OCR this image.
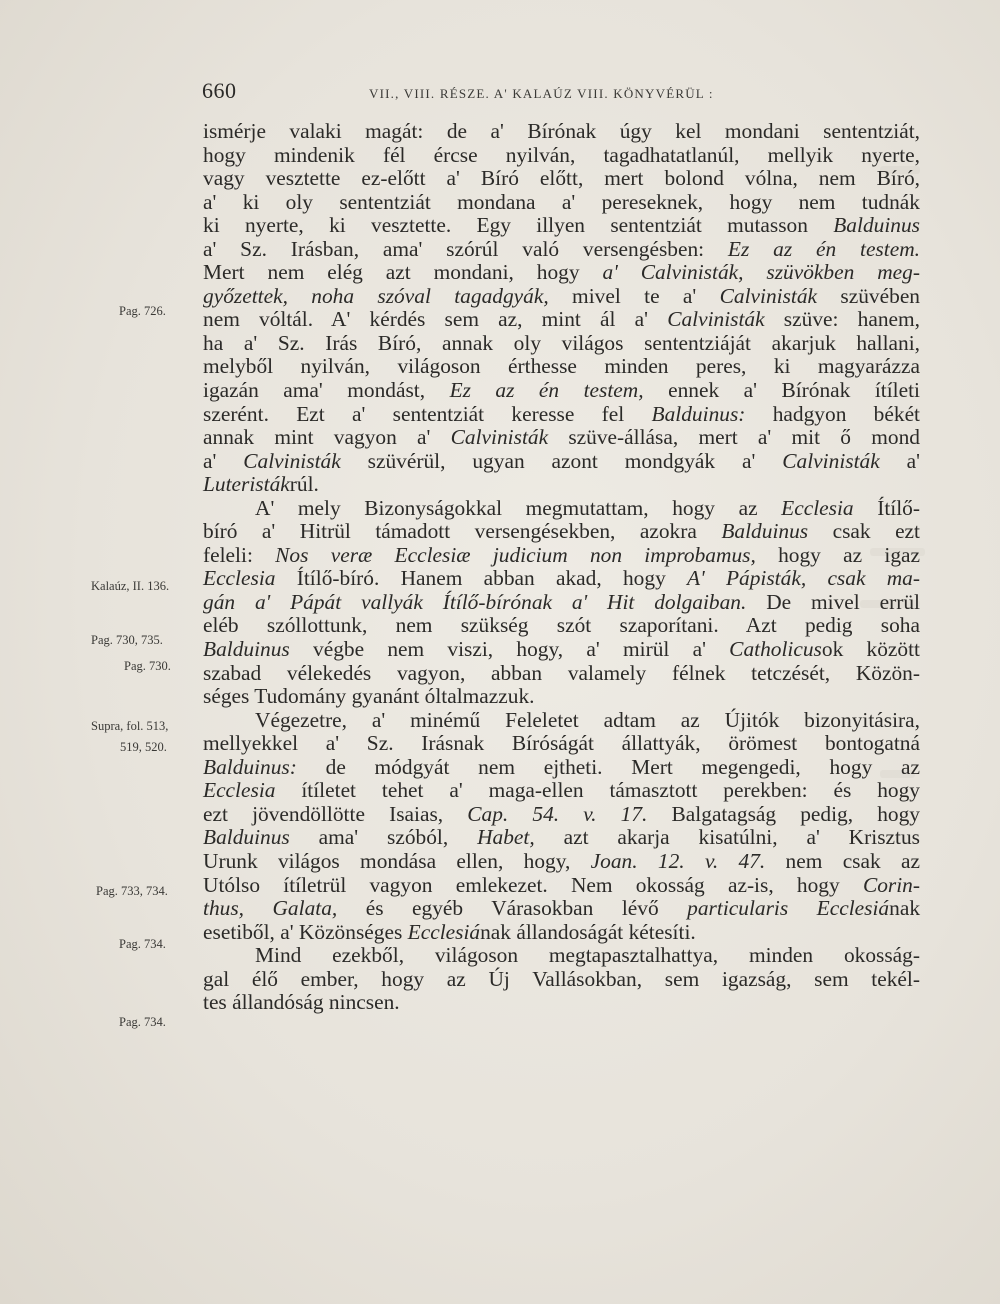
660	VII., VIII. RÉSZE. A' KALAÚZ VIII. KÖNYVÉRÜL :
Pag. 726.
Kalaúz, II. 136.
Pag. 730, 735.
Pag. 730.
Supra, fol. 513,
519, 520.
Pag. 733, 734.
Pag. 734.
Pag. 734.
ismérje valaki magát: de a' Bírónak úgy kel mondani sententziát,
hogy mindenik fél ércse nyilván, tagadhatatlanúl, mellyik nyerte,
vagy vesztette ez-előtt a' Bíró előtt, mert bolond vólna, nem Bíró,
a' ki oly sententziát mondana a' pereseknek, hogy nem tudnák
ki nyerte, ki vesztette. Egy illyen sententziát mutasson Balduinus
a' Sz. Irásban, ama' szórúl való versengésben: Ez az én testem.
Mert nem elég azt mondani, hogy a' Calvinisták, szüvökben meg-
győzettek, noha szóval tagadgyák, mivel te a' Calvinisták szüvében
nem vóltál. A' kérdés sem az, mint ál a' Calvinisták szüve: hanem,
ha a' Sz. Irás Bíró, annak oly világos sententziáját akarjuk hallani,
melyből nyilván, világoson érthesse minden peres, ki magyarázza
igazán ama' mondást, Ez az én testem, ennek a' Bírónak ítíleti
szerént. Ezt a' sententziát keresse fel Balduinus: hadgyon békét
annak mint vagyon a' Calvinisták szüve-állása, mert a' mit ő mond
a' Calvinisták szüvérül, ugyan azont mondgyák a' Calvinisták a'
Luteristákrúl.
A' mely Bizonyságokkal megmutattam, hogy az Ecclesia Ítílő-
bíró a' Hitrül támadott versengésekben, azokra Balduinus csak ezt
feleli: Nos veræ Ecclesiæ judicium non improbamus, hogy az igaz
Ecclesia Ítílő-bíró. Hanem abban akad, hogy A' Pápisták, csak ma-
gán a' Pápát vallyák Ítílő-bírónak a' Hit dolgaiban. De mivel errül
eléb szóllottunk, nem szükség szót szaporítani. Azt pedig soha
Balduinus végbe nem viszi, hogy, a' mirül a' Catholicusok között
szabad vélekedés vagyon, abban valamely félnek tetczését, Közön-
séges Tudomány gyanánt óltalmazzuk.
Végezetre, a' minémű Feleletet adtam az Újitók bizonyitásira,
mellyekkel a' Sz. Irásnak Bíróságát állattyák, örömest bontogatná
Balduinus: de módgyát nem ejtheti. Mert megengedi, hogy az
Ecclesia ítíletet tehet a' maga-ellen támasztott perekben: és hogy
ezt jövendöllötte Isaias, Cap. 54. v. 17. Balgatagság pedig, hogy
Balduinus ama' szóból, Habet, azt akarja kisatúlni, a' Krisztus
Urunk világos mondása ellen, hogy, Joan. 12. v. 47. nem csak az
Utólso ítíletrül vagyon emlekezet. Nem okosság az-is, hogy Corin-
thus, Galata, és egyéb Várasokban lévő particularis Ecclesiának
esetiből, a' Közönséges Ecclesiának állandoságát kétesíti.
Mind ezekből, világoson megtapasztalhattya, minden okosság-
gal élő ember, hogy az Új Vallásokban, sem igazság, sem tekél-
tes állandóság nincsen.
